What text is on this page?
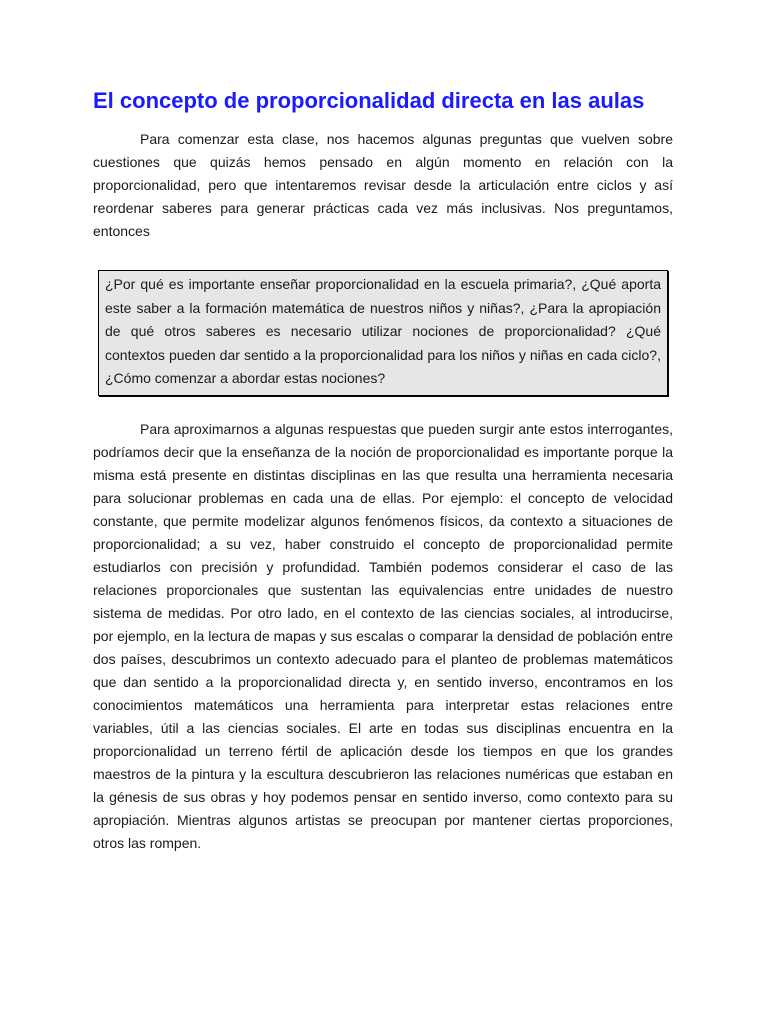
El concepto de proporcionalidad directa en las aulas

Para comenzar esta clase, nos hacemos algunas preguntas que vuelven sobre cuestiones que quizás hemos pensado en algún momento en relación con la proporcionalidad, pero que intentaremos revisar desde la articulación entre ciclos y así reordenar saberes para generar prácticas cada vez más inclusivas. Nos preguntamos, entonces

¿Por qué es importante enseñar proporcionalidad en la escuela primaria?, ¿Qué aporta este saber a la formación matemática de nuestros niños y niñas?, ¿Para la apropiación de qué otros saberes es necesario utilizar nociones de proporcionalidad? ¿Qué contextos pueden dar sentido a la proporcionalidad para los niños y niñas en cada ciclo?, ¿Cómo comenzar a abordar estas nociones?

Para aproximarnos a algunas respuestas que pueden surgir ante estos interrogantes, podríamos decir que la enseñanza de la noción de proporcionalidad es importante porque la misma está presente en distintas disciplinas en las que resulta una herramienta necesaria para solucionar problemas en cada una de ellas. Por ejemplo: el concepto de velocidad constante, que permite modelizar algunos fenómenos físicos, da contexto a situaciones de proporcionalidad; a su vez, haber construido el concepto de proporcionalidad permite estudiarlos con precisión y profundidad. También podemos considerar el caso de las relaciones proporcionales que sustentan las equivalencias entre unidades de nuestro sistema de medidas. Por otro lado, en el contexto de las ciencias sociales, al introducirse, por ejemplo, en la lectura de mapas y sus escalas o comparar la densidad de población entre dos países, descubrimos un contexto adecuado para el planteo de problemas matemáticos que dan sentido a la proporcionalidad directa y, en sentido inverso, encontramos en los conocimientos matemáticos una herramienta para interpretar estas relaciones entre variables, útil a las ciencias sociales. El arte en todas sus disciplinas encuentra en la proporcionalidad un terreno fértil de aplicación desde los tiempos en que los grandes maestros de la pintura y la escultura descubrieron las relaciones numéricas que estaban en la génesis de sus obras y hoy podemos pensar en sentido inverso, como contexto para su apropiación. Mientras algunos artistas se preocupan por mantener ciertas proporciones, otros las rompen.
